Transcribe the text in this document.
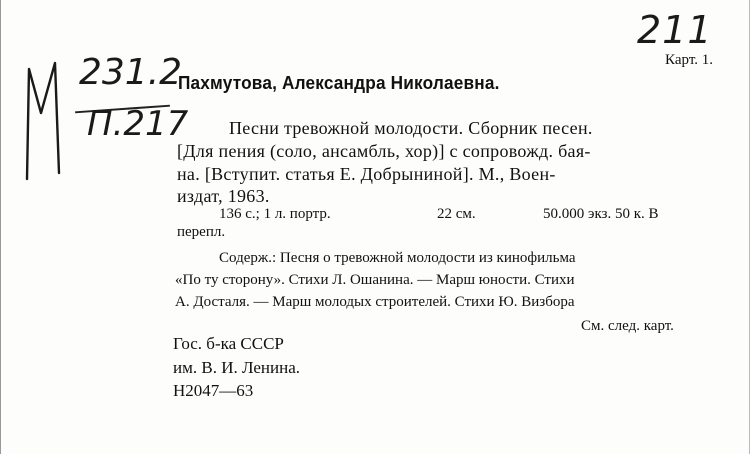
211
231.2
П.217
Карт. 1.
Пахмутова, Александра Николаевна.
Песни тревожной молодости. Сборник песен.
[Для пения (соло, ансамбль, хор)] с сопровожд. бая-
на. [Вступит. статья Е. Добрыниной]. М., Воен-
издат, 1963.
136 с.; 1 л. портр.	22 см.	50.000 экз. 50 к. В
перепл.
Содерж.: Песня о тревожной молодости из кинофильма
«По ту сторону». Стихи Л. Ошанина. — Марш юности. Стихи
А. Досталя. — Марш молодых строителей. Стихи Ю. Визбора
См. след. карт.
Гос. б-ка СССР
им. В. И. Ленина.
Н2047—63
